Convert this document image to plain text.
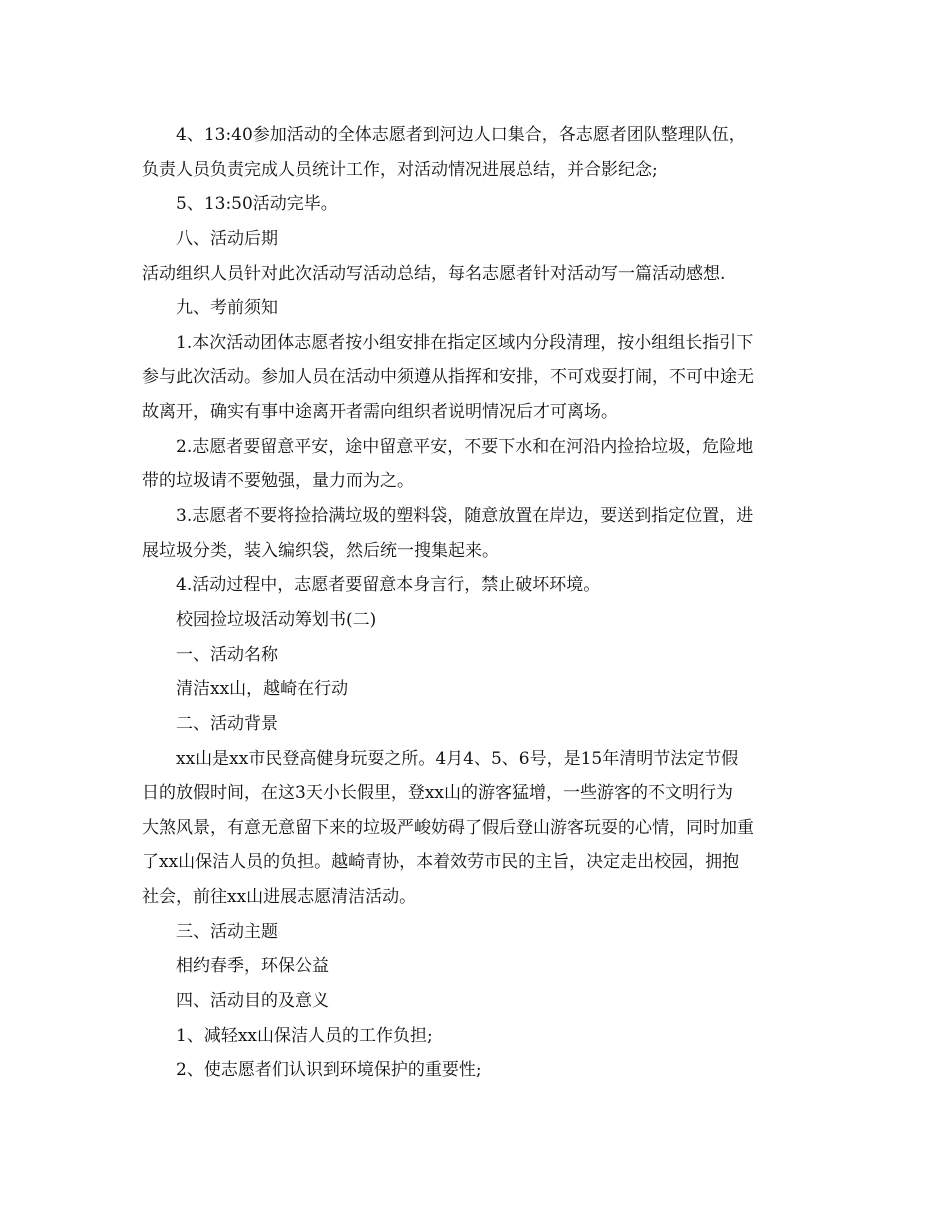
4、13:40参加活动的全体志愿者到河边人口集合，各志愿者团队整理队伍，

负责人员负责完成人员统计工作，对活动情况进展总结，并合影纪念;

5、13:50活动完毕。

八、活动后期

活动组织人员针对此次活动写活动总结，每名志愿者针对活动写一篇活动感想.

九、考前须知

1.本次活动团体志愿者按小组安排在指定区域内分段清理，按小组组长指引下

参与此次活动。参加人员在活动中须遵从指挥和安排，不可戏耍打闹，不可中途无

故离开，确实有事中途离开者需向组织者说明情况后才可离场。

2.志愿者要留意平安，途中留意平安，不要下水和在河沿内捡拾垃圾，危险地

带的垃圾请不要勉强，量力而为之。

3.志愿者不要将捡拾满垃圾的塑料袋，随意放置在岸边，要送到指定位置，进

展垃圾分类，装入编织袋，然后统一搜集起来。

4.活动过程中，志愿者要留意本身言行，禁止破坏环境。

校园捡垃圾活动筹划书(二)

一、活动名称

清洁xx山，越崎在行动

二、活动背景

xx山是xx市民登高健身玩耍之所。4月4、5、6号，是15年清明节法定节假

日的放假时间，在这3天小长假里，登xx山的游客猛增，一些游客的不文明行为

大煞风景，有意无意留下来的垃圾严峻妨碍了假后登山游客玩耍的心情，同时加重

了xx山保洁人员的负担。越崎青协，本着效劳市民的主旨，决定走出校园，拥抱

社会，前往xx山进展志愿清洁活动。

三、活动主题

相约春季，环保公益

四、活动目的及意义

1、减轻xx山保洁人员的工作负担;

2、使志愿者们认识到环境保护的重要性;
